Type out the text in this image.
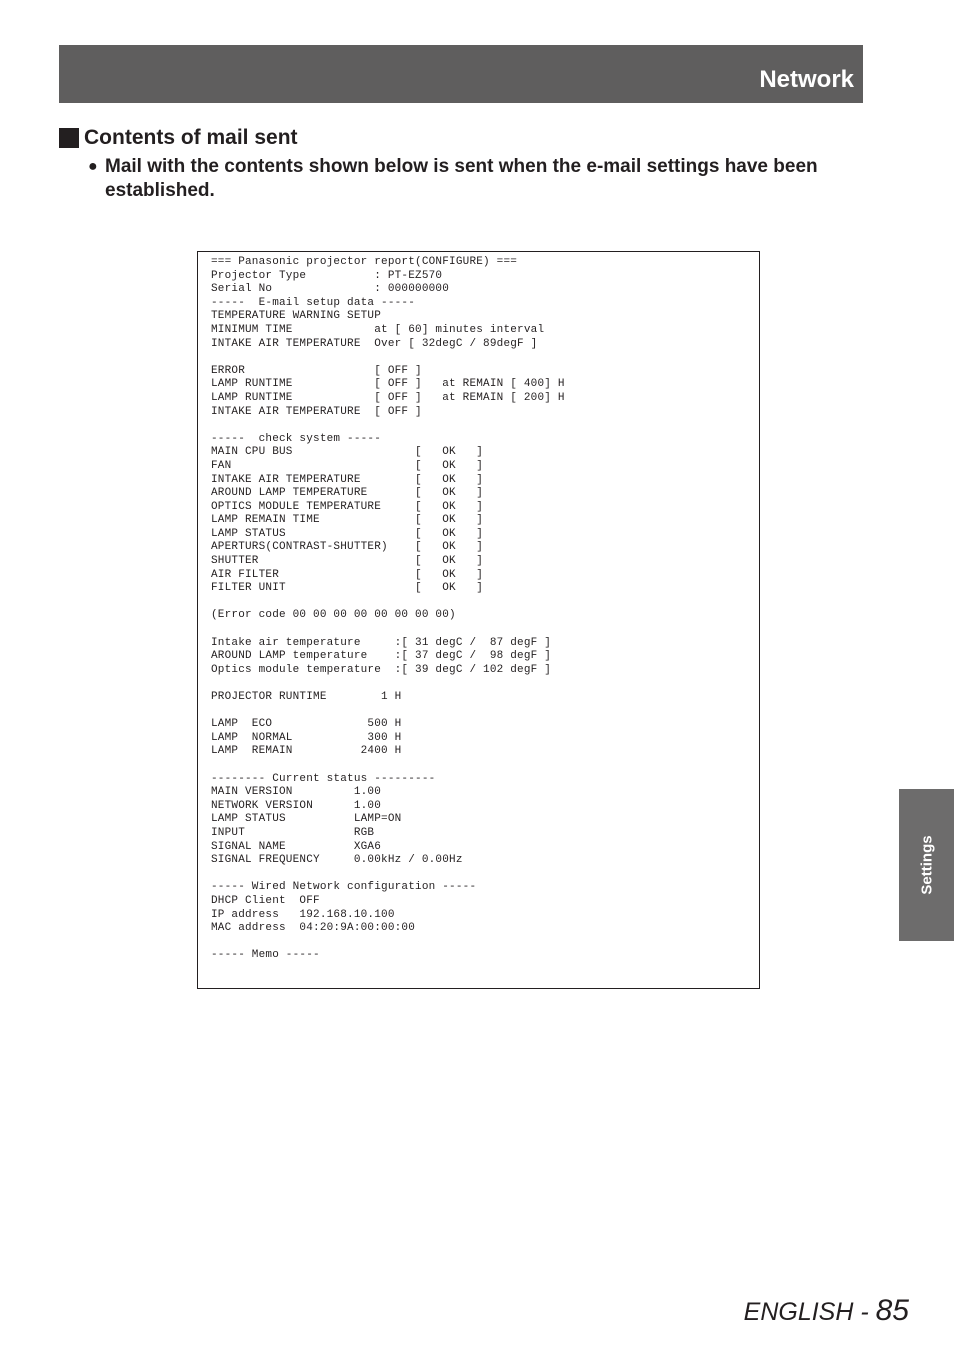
Network
Contents of mail sent
● Mail with the contents shown below is sent when the e-mail settings have been established.
=== Panasonic projector report(CONFIGURE) ===
Projector Type          : PT-EZ570
Serial No               : 000000000
-----  E-mail setup data -----
TEMPERATURE WARNING SETUP
MINIMUM TIME            at [ 60] minutes interval
INTAKE AIR TEMPERATURE  Over [ 32degC / 89degF ]

ERROR                   [ OFF ]
LAMP RUNTIME            [ OFF ]   at REMAIN [ 400] H
LAMP RUNTIME            [ OFF ]   at REMAIN [ 200] H
INTAKE AIR TEMPERATURE  [ OFF ]

-----  check system -----
MAIN CPU BUS                  [   OK   ]
FAN                           [   OK   ]
INTAKE AIR TEMPERATURE        [   OK   ]
AROUND LAMP TEMPERATURE       [   OK   ]
OPTICS MODULE TEMPERATURE     [   OK   ]
LAMP REMAIN TIME              [   OK   ]
LAMP STATUS                   [   OK   ]
APERTURS(CONTRAST-SHUTTER)    [   OK   ]
SHUTTER                       [   OK   ]
AIR FILTER                    [   OK   ]
FILTER UNIT                   [   OK   ]

(Error code 00 00 00 00 00 00 00 00)

Intake air temperature     :[ 31 degC /  87 degF ]
AROUND LAMP temperature    :[ 37 degC /  98 degF ]
Optics module temperature  :[ 39 degC / 102 degF ]

PROJECTOR RUNTIME        1 H

LAMP  ECO              500 H
LAMP  NORMAL           300 H
LAMP  REMAIN          2400 H

-------- Current status ---------
MAIN VERSION         1.00
NETWORK VERSION      1.00
LAMP STATUS          LAMP=ON
INPUT                RGB
SIGNAL NAME          XGA6
SIGNAL FREQUENCY     0.00kHz / 0.00Hz

----- Wired Network configuration -----
DHCP Client  OFF
IP address   192.168.10.100
MAC address  04:20:9A:00:00:00

----- Memo -----

Settings
ENGLISH - 85
